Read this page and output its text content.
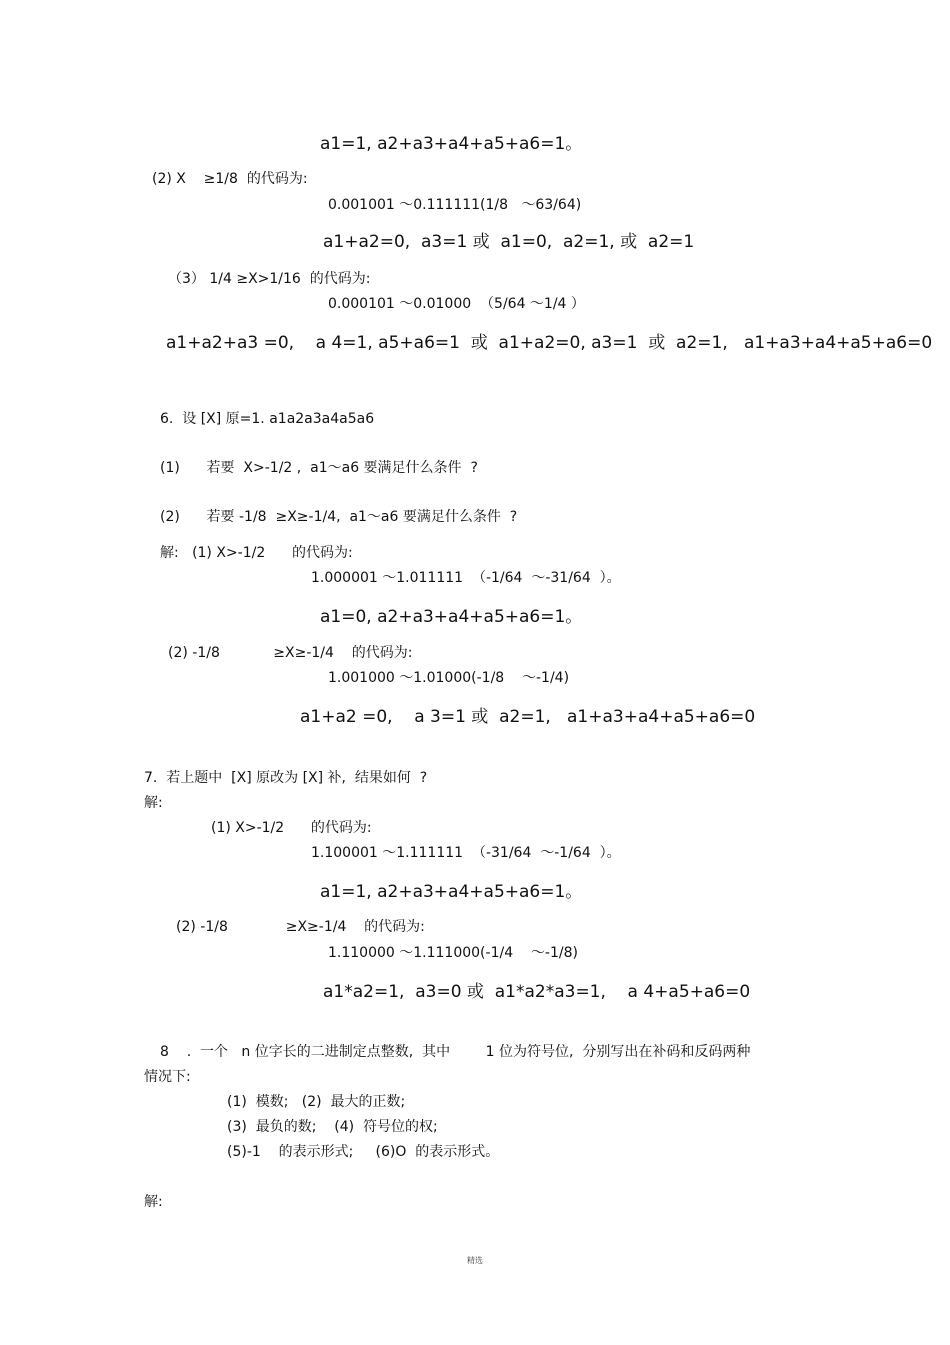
a1=1, a2+a3+a4+a5+a6=1。
(2) X    ≥1/8  的代码为:
0.001001 ～0.111111(1/8   ～63/64)
a1+a2=0,  a3=1 或  a1=0,  a2=1, 或  a2=1
（3） 1/4 ≥X>1/16  的代码为:
0.000101 ～0.01000  （5/64 ～1/4 ）
a1+a2+a3 =0,    a 4=1, a5+a6=1  或  a1+a2=0, a3=1  或  a2=1,   a1+a3+a4+a5+a6=0
6.  设 [X] 原=1. a1a2a3a4a5a6
(1)      若要  X>-1/2 ,  a1～a6 要满足什么条件  ?
(2)      若要 -1/8  ≥X≥-1/4,  a1～a6 要满足什么条件  ?
解:   (1) X>-1/2      的代码为:
1.000001 ～1.011111  （-1/64  ～-31/64  ）。
a1=0, a2+a3+a4+a5+a6=1。
(2) -1/8            ≥X≥-1/4    的代码为:
1.001000 ～1.01000(-1/8    ～-1/4)
a1+a2 =0,    a 3=1 或  a2=1,   a1+a3+a4+a5+a6=0
7.  若上题中  [X] 原改为 [X] 补,  结果如何  ?
解:
(1) X>-1/2      的代码为:
1.100001 ～1.111111  （-31/64  ～-1/64  ）。
a1=1, a2+a3+a4+a5+a6=1。
(2) -1/8             ≥X≥-1/4    的代码为:
1.110000 ～1.111000(-1/4    ～-1/8)
a1*a2=1,  a3=0 或  a1*a2*a3=1,    a 4+a5+a6=0
8    .  一个   n 位字长的二进制定点整数,  其中        1 位为符号位,  分别写出在补码和反码两种
情况下:
(1)  模数;   (2)  最大的正数;
(3)  最负的数;    (4)  符号位的权;
(5)-1    的表示形式;     (6)O  的表示形式。
解:
精选
